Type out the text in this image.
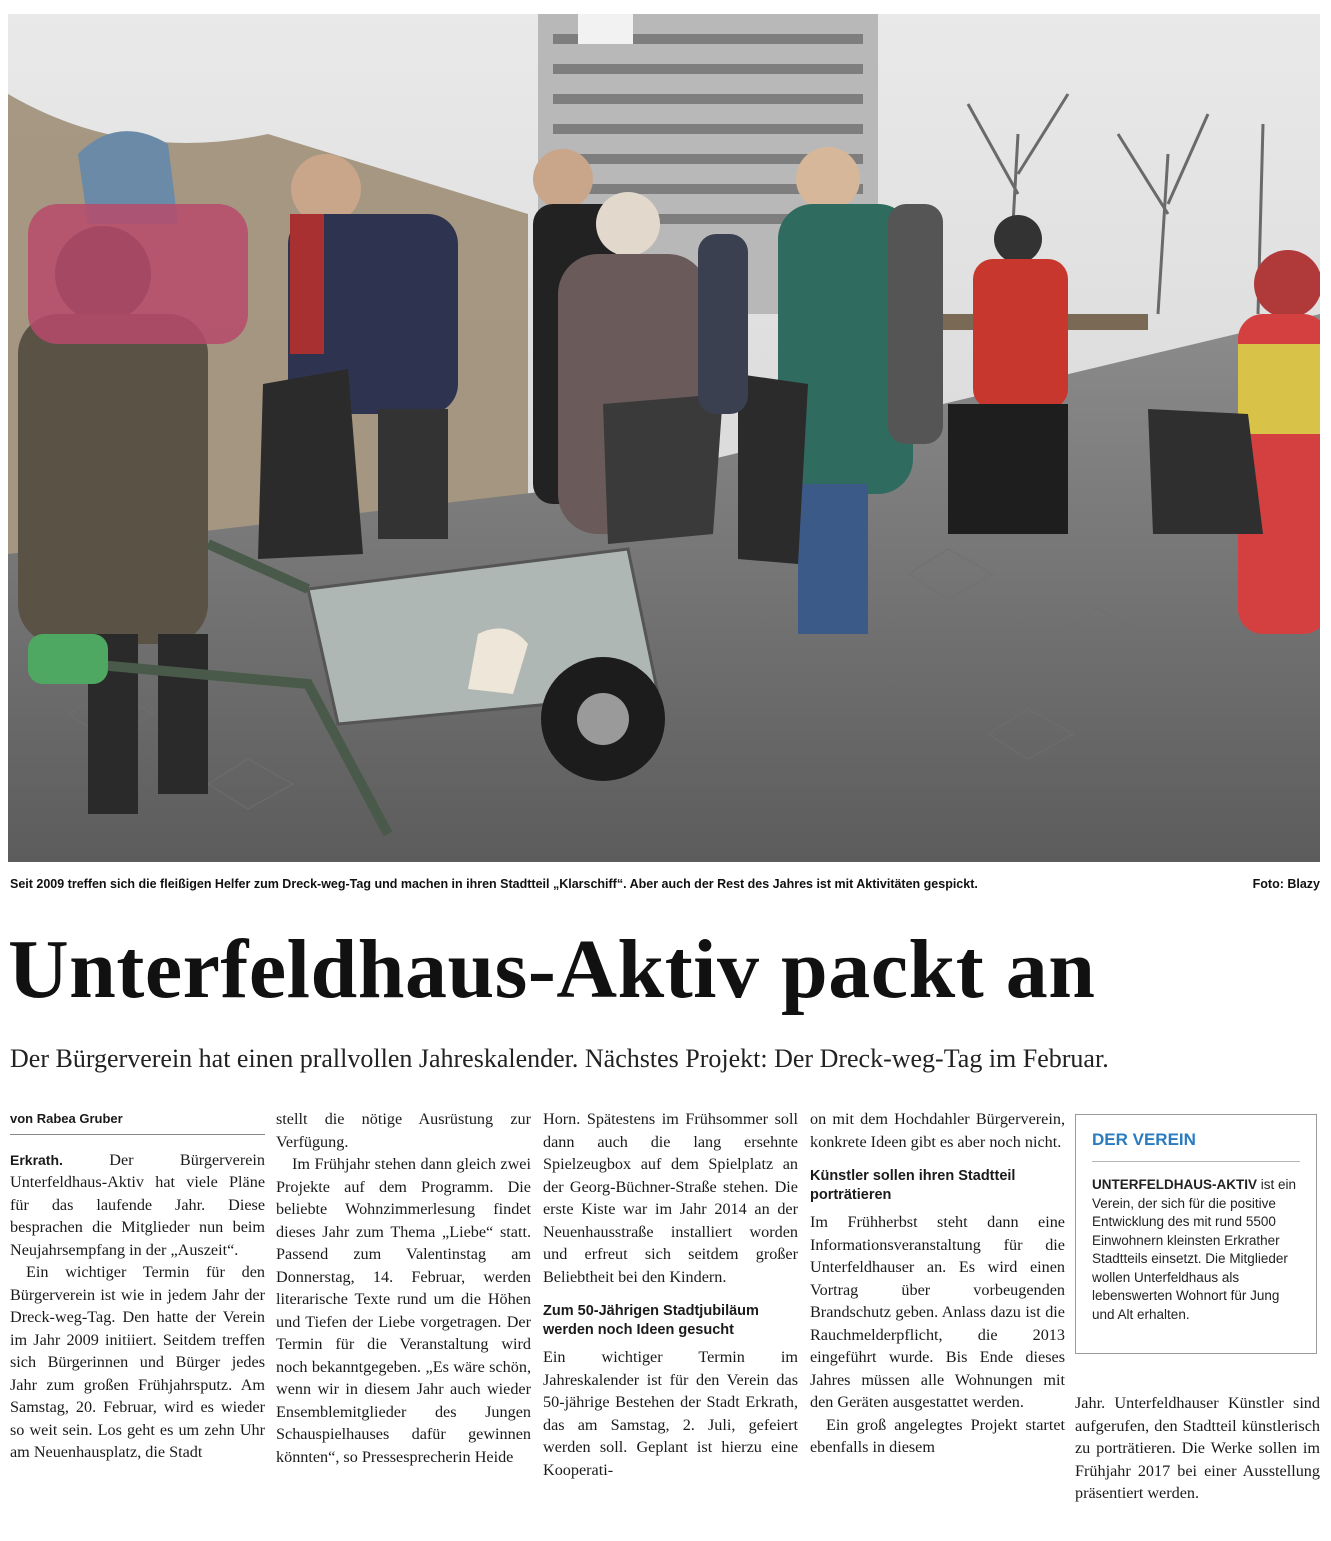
Seit 2009 treffen sich die fleißigen Helfer zum Dreck-weg-Tag und machen in ihren Stadtteil „Klarschiff“. Aber auch der Rest des Jahres ist mit Aktivitäten gespickt.	Foto: Blazy
Unterfeldhaus-Aktiv packt an
Der Bürgerverein hat einen prallvollen Jahreskalender. Nächstes Projekt: Der Dreck-weg-Tag im Februar.
von Rabea Gruber

Erkrath.	Der Bürgerverein Unterfeldhaus-Aktiv hat viele Pläne für das laufende Jahr. Diese besprachen die Mitglieder nun beim Neujahrsempfang in der „Auszeit“.

Ein wichtiger Termin für den Bürgerverein ist wie in jedem Jahr der Dreck-weg-Tag. Den hatte der Verein im Jahr 2009 initiiert. Seitdem treffen sich Bürgerinnen und Bürger jedes Jahr zum großen Frühjahrsputz. Am Samstag, 20. Februar, wird es wieder so weit sein. Los geht es um zehn Uhr am Neuenhausplatz, die Stadt

stellt die nötige Ausrüstung zur Verfügung.

Im Frühjahr stehen dann gleich zwei Projekte auf dem Programm. Die beliebte Wohnzimmerlesung findet dieses Jahr zum Thema „Liebe“ statt. Passend zum Valentinstag am Donnerstag, 14. Februar, werden literarische Texte rund um die Höhen und Tiefen der Liebe vorgetragen. Der Termin für die Veranstaltung wird noch bekanntgegeben. „Es wäre schön, wenn wir in diesem Jahr auch wieder Ensemblemitglieder des Jungen Schauspielhauses dafür gewinnen könnten“, so Pressesprecherin Heide

Horn. Spätestens im Frühsommer soll dann auch die lang ersehnte Spielzeugbox auf dem Spielplatz an der Georg-Büchner-Straße stehen. Die erste Kiste war im Jahr 2014 an der Neuenhausstraße installiert worden und erfreut sich seitdem großer Beliebtheit bei den Kindern.

Zum 50-Jährigen Stadtjubiläum werden noch Ideen gesucht

Ein wichtiger Termin im Jahreskalender ist für den Verein das 50-jährige Bestehen der Stadt Erkrath, das am Samstag, 2. Juli, gefeiert werden soll. Geplant ist hierzu eine Kooperati-

on mit dem Hochdahler Bürgerverein, konkrete Ideen gibt es aber noch nicht.

Künstler sollen ihren Stadtteil porträtieren

Im Frühherbst steht dann eine Informationsveranstaltung für die Unterfeldhauser an. Es wird einen Vortrag über vorbeugenden Brandschutz geben. Anlass dazu ist die Rauchmelderpflicht, die 2013 eingeführt wurde. Bis Ende dieses Jahres müssen alle Wohnungen mit den Geräten ausgestattet werden.

Ein groß angelegtes Projekt startet ebenfalls in diesem

DER VEREIN
UNTERFELDHAUS-AKTIV ist ein Verein, der sich für die positive Entwicklung des mit rund 5500 Einwohnern kleinsten Erkrather Stadtteils einsetzt. Die Mitglieder wollen Unterfeldhaus als lebenswerten Wohnort für Jung und Alt erhalten.

Jahr. Unterfeldhauser Künstler sind aufgerufen, den Stadtteil künstlerisch zu porträtieren. Die Werke sollen im Frühjahr 2017 bei einer Ausstellung präsentiert werden.
